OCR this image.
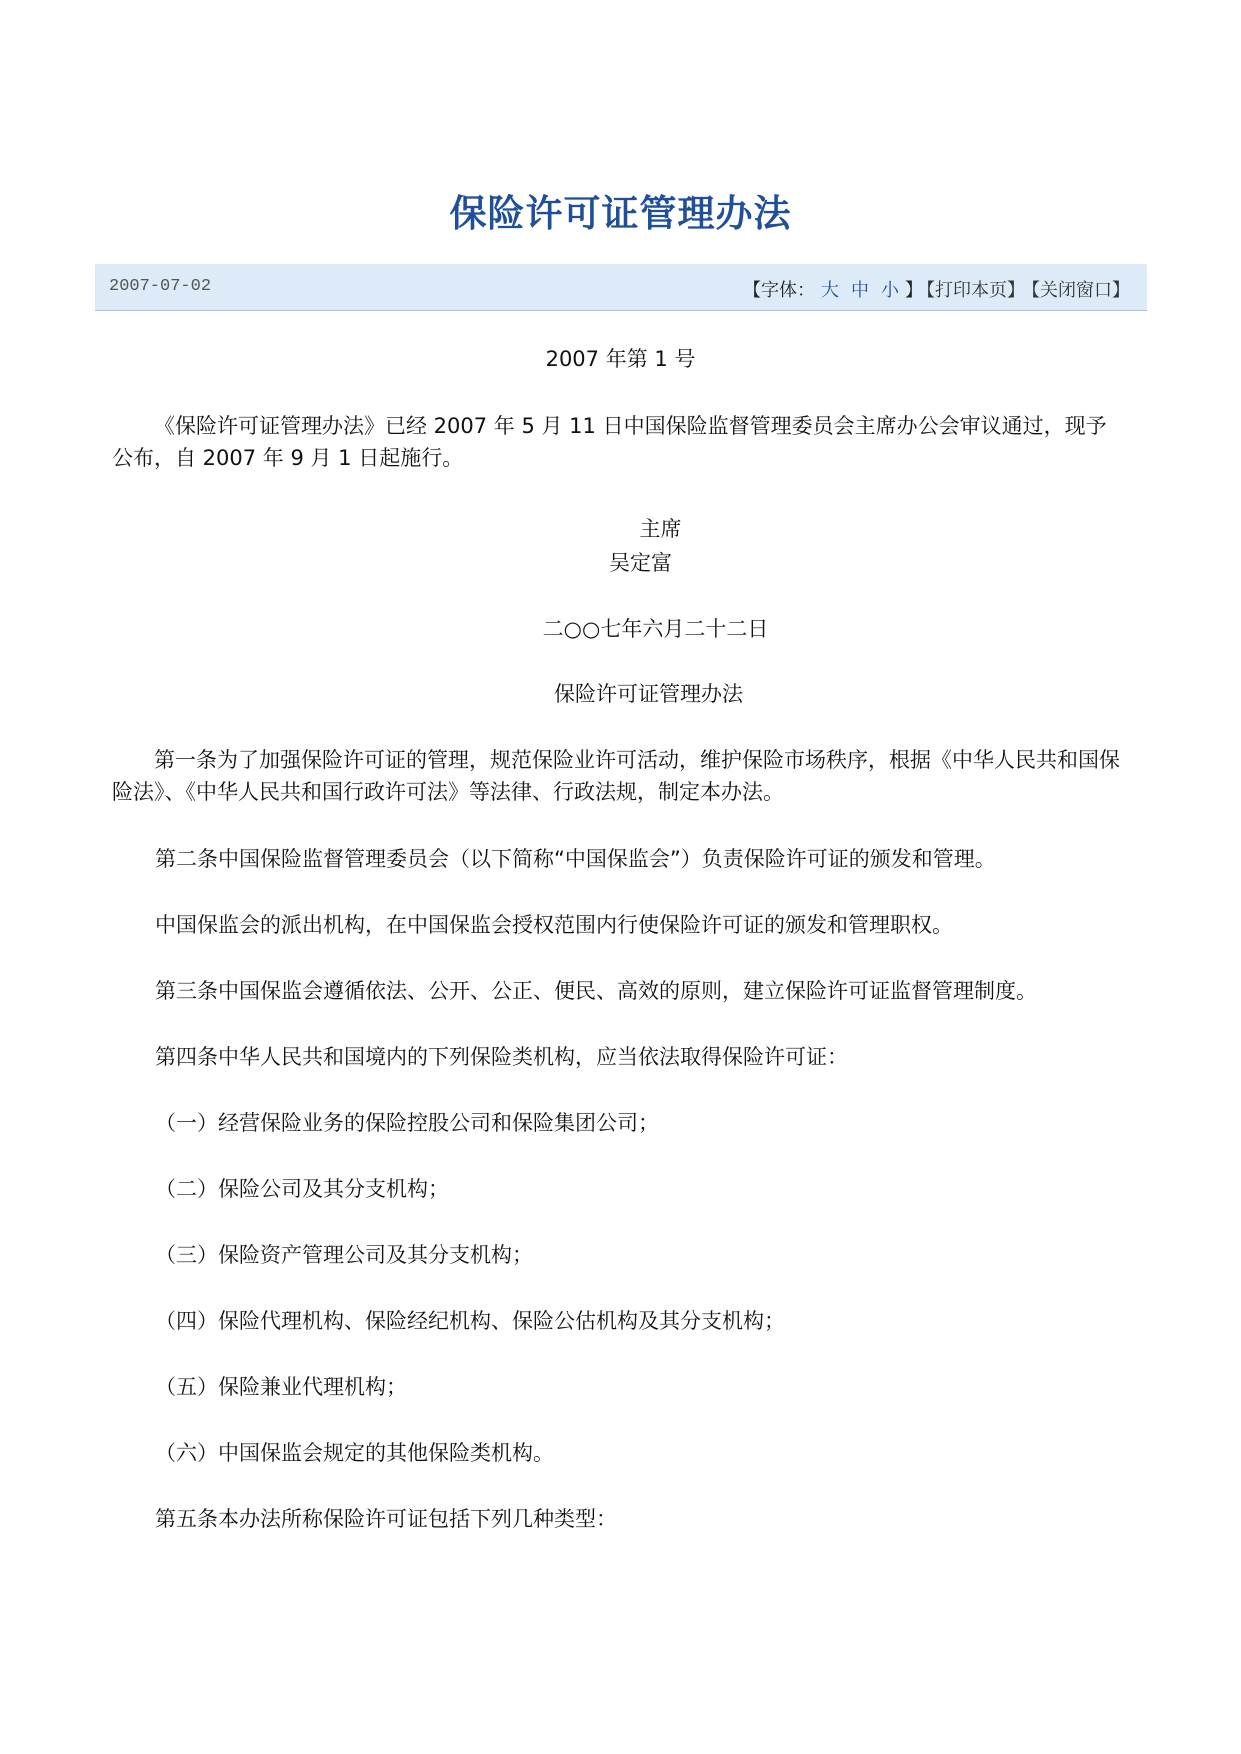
保险许可证管理办法
2007-07-02	【字体： 大 中 小 】 【打印本页】 【关闭窗口】
2007 年第 1 号
《保险许可证管理办法》已经 2007 年 5 月 11 日中国保险监督管理委员会主席办公会审议通过，现予公布，自 2007 年 9 月 1 日起施行。
主席
吴定富
二○○七年六月二十二日
保险许可证管理办法
第一条为了加强保险许可证的管理，规范保险业许可活动，维护保险市场秩序，根据《中华人民共和国保险法》、《中华人民共和国行政许可法》等法律、行政法规，制定本办法。
第二条中国保险监督管理委员会（以下简称“中国保监会”）负责保险许可证的颁发和管理。
中国保监会的派出机构，在中国保监会授权范围内行使保险许可证的颁发和管理职权。
第三条中国保监会遵循依法、公开、公正、便民、高效的原则，建立保险许可证监督管理制度。
第四条中华人民共和国境内的下列保险类机构，应当依法取得保险许可证：
（一）经营保险业务的保险控股公司和保险集团公司；
（二）保险公司及其分支机构；
（三）保险资产管理公司及其分支机构；
（四）保险代理机构、保险经纪机构、保险公估机构及其分支机构；
（五）保险兼业代理机构；
（六）中国保监会规定的其他保险类机构。
第五条本办法所称保险许可证包括下列几种类型：
